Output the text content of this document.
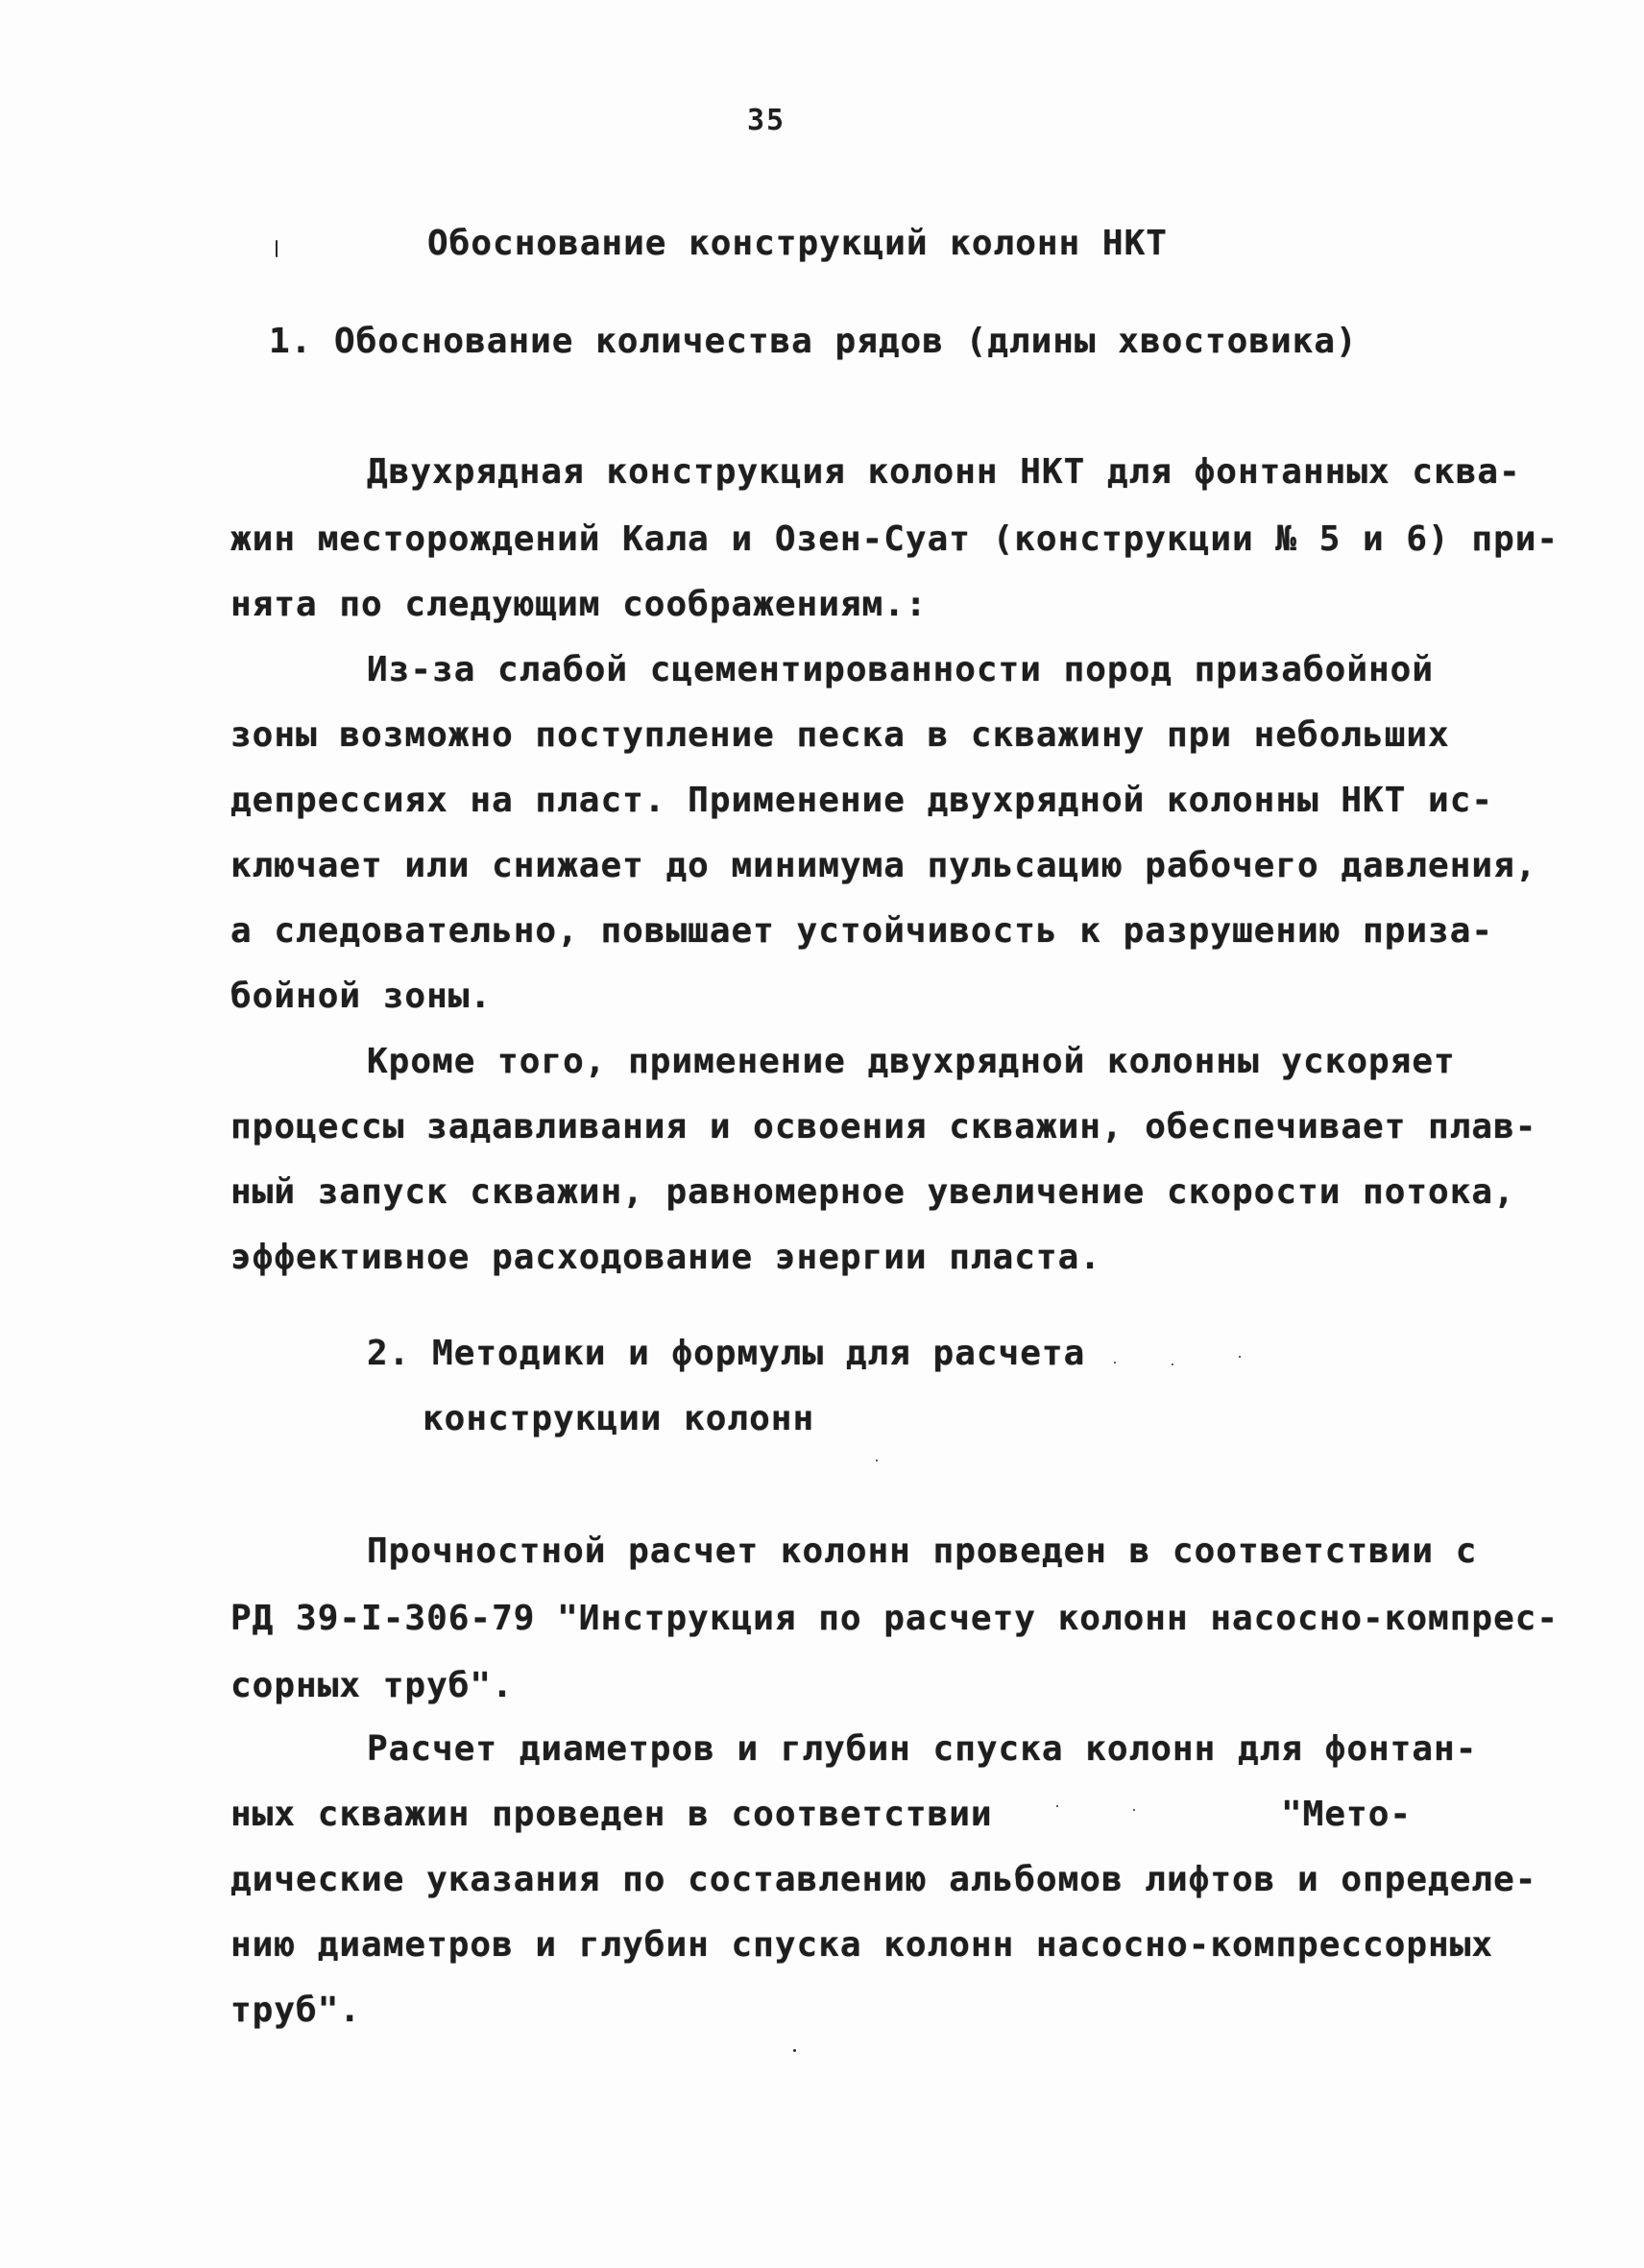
35
Обоснование конструкций колонн НКТ
1. Обоснование количества рядов (длины хвостовика)
Двухрядная конструкция колонн НКТ для фонтанных сква-
жин месторождений Кала и Озен-Суат (конструкции № 5 и 6) при-
нята по следующим соображениям.:
Из-за слабой сцементированности пород призабойной
зоны возможно поступление песка в скважину при небольших
депрессиях на пласт. Применение двухрядной колонны НКТ ис-
ключает или снижает до минимума пульсацию рабочего давления,
а следовательно, повышает устойчивость к разрушению приза-
бойной зоны.
Кроме того, применение двухрядной колонны ускоряет
процессы задавливания и освоения скважин, обеспечивает плав-
ный запуск скважин, равномерное увеличение скорости потока,
эффективное расходование энергии пласта.
2. Методики и формулы для расчета
конструкции колонн
Прочностной расчет колонн проведен в соответствии с
РД 39-I-306-79 "Инструкция по расчету колонн насосно-компрес-
сорных труб".
Расчет диаметров и глубин спуска колонн для фонтан-
ных скважин проведен в соответствии	"Мето-
дические указания по составлению альбомов лифтов и определе-
нию диаметров и глубин спуска колонн насосно-компрессорных
труб".
